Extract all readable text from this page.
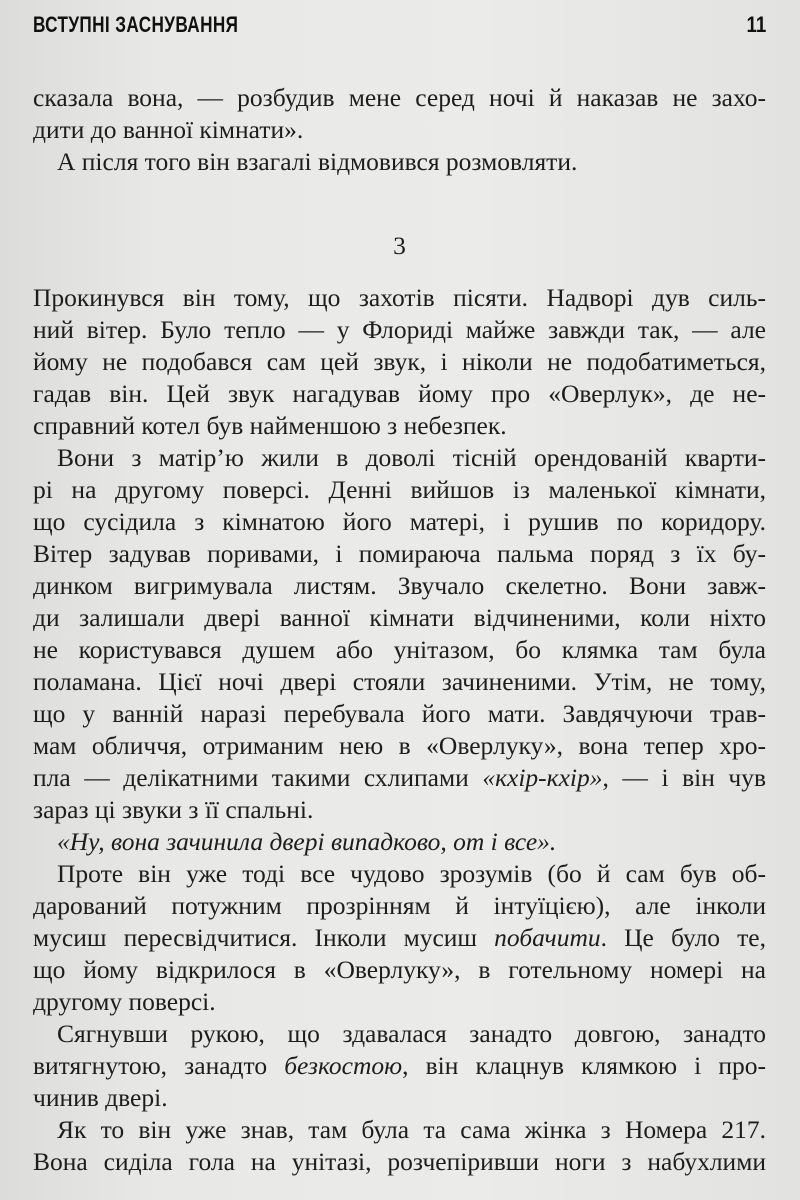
ВСТУПНІ ЗАСНУВАННЯ	11
сказала вона, — розбудив мене серед ночі й наказав не захо-
дити до ванної кімнати».
А після того він взагалі відмовився розмовляти.
3
Прокинувся він тому, що захотів пісяти. Надворі дув силь-
ний вітер. Було тепло — у Флориді майже завжди так, — але
йому не подобався сам цей звук, і ніколи не подобатиметься,
гадав він. Цей звук нагадував йому про «Оверлук», де не-
справний котел був найменшою з небезпек.
Вони з матір’ю жили в доволі тісній орендованій кварти-
рі на другому поверсі. Денні вийшов із маленької кімнати,
що сусідила з кімнатою його матері, і рушив по коридору.
Вітер задував поривами, і помираюча пальма поряд з їх бу-
динком вигримувала листям. Звучало скелетно. Вони завж-
ди залишали двері ванної кімнати відчиненими, коли ніхто
не користувався душем або унітазом, бо клямка там була
поламана. Цієї ночі двері стояли зачиненими. Утім, не тому,
що у ванній наразі перебувала його мати. Завдячуючи трав-
мам обличчя, отриманим нею в «Оверлуку», вона тепер хро-
пла — делікатними такими схлипами «кхір-кхір», — і він чув
зараз ці звуки з її спальні.
«Ну, вона зачинила двері випадково, от і все».
Проте він уже тоді все чудово зрозумів (бо й сам був об-
дарований потужним прозрінням й інтуїцією), але інколи
мусиш пересвідчитися. Інколи мусиш побачити. Це було те,
що йому відкрилося в «Оверлуку», в готельному номері на
другому поверсі.
Сягнувши рукою, що здавалася занадто довгою, занадто
витягнутою, занадто безкостою, він клацнув клямкою і про-
чинив двері.
Як то він уже знав, там була та сама жінка з Номера 217.
Вона сиділа гола на унітазі, розчепіривши ноги з набухлими
